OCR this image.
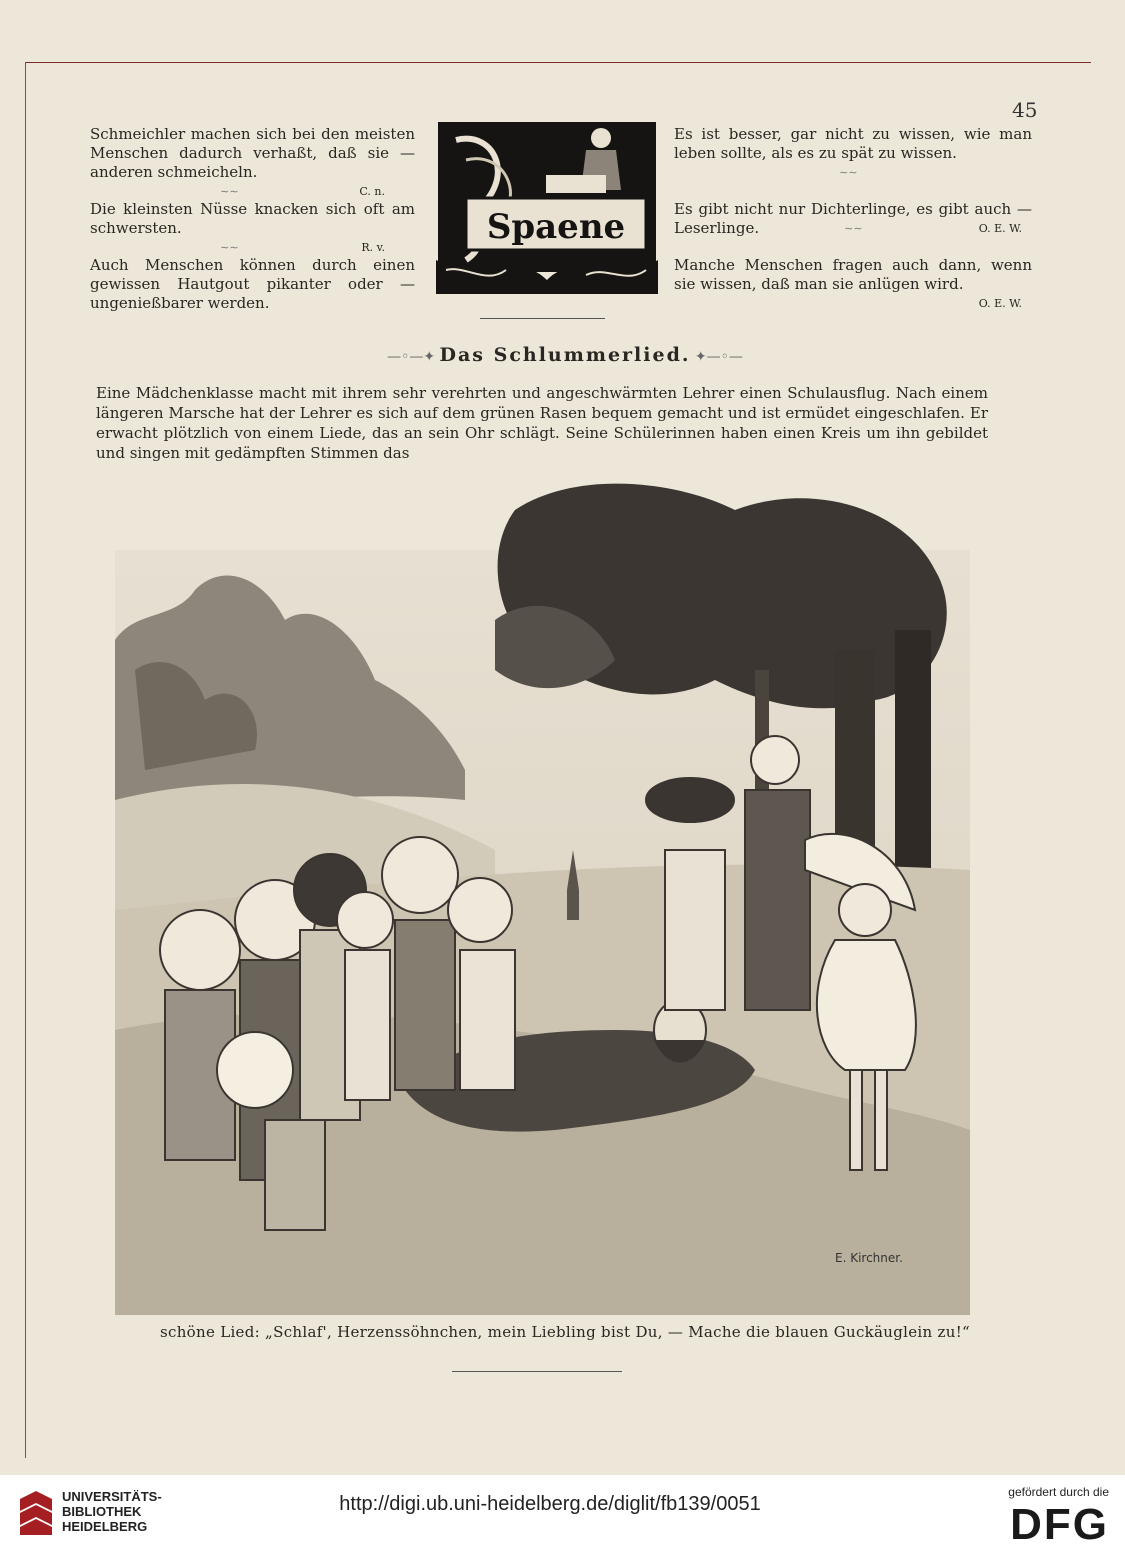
45

Schmeichler machen sich bei den meisten Menschen dadurch verhaßt, daß sie — anderen schmeicheln.

∼∼	C. n.

Die kleinsten Nüsse knacken sich oft am schwersten.

∼∼	R. v.

Auch Menschen können durch einen gewissen Hautgout pikanter oder — ungenießbarer werden.

Spaene

Es ist besser, gar nicht zu wissen, wie man leben sollte, als es zu spät zu wissen.

∼∼

Es gibt nicht nur Dichterlinge, es gibt auch — Leserlinge.	∼∼	O. E. W.

Manche Menschen fragen auch dann, wenn sie wissen, daß man sie anlügen wird.

O. E. W.
—◦—✦ Das Schlummerlied. ✦—◦—
Eine Mädchenklasse macht mit ihrem sehr verehrten und angeschwärmten Lehrer einen Schulausflug. Nach einem längeren Marsche hat der Lehrer es sich auf dem grünen Rasen bequem gemacht und ist ermüdet eingeschlafen. Er erwacht plötzlich von einem Liede, das an sein Ohr schlägt. Seine Schülerinnen haben einen Kreis um ihn gebildet und singen mit gedämpften Stimmen das
E. Kirchner.
schöne Lied: „Schlaf', Herzenssöhnchen, mein Liebling bist Du, — Mache die blauen Guckäuglein zu!“
UNIVERSITÄTS-
BIBLIOTHEK
HEIDELBERG
http://digi.ub.uni-heidelberg.de/diglit/fb139/0051
gefördert durch die
DFG
